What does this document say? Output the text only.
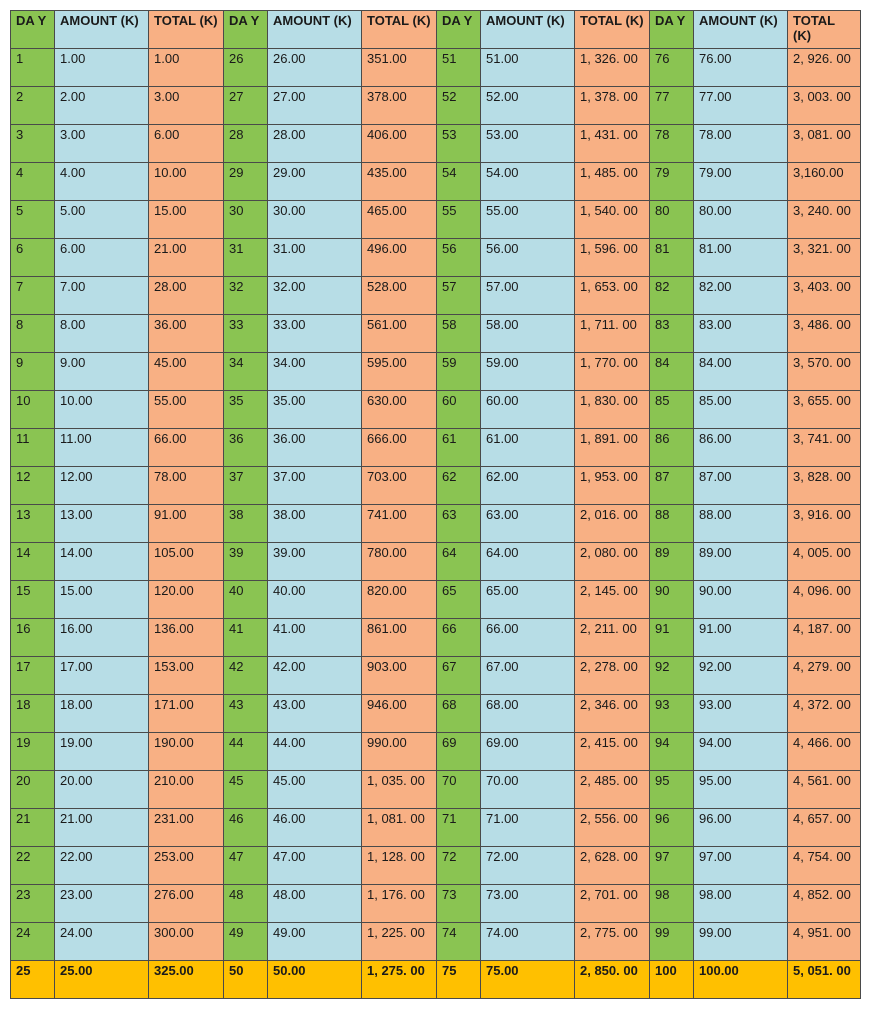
DA Y	AMOUNT (K)	TOTAL (K)	DA Y	AMOUNT (K)	TOTAL (K)	DA Y	AMOUNT (K)	TOTAL (K)	DA Y	AMOUNT (K)	TOTAL (K)
1	1.00	1.00	26	26.00	351.00	51	51.00	1, 326. 00	76	76.00	2, 926. 00
2	2.00	3.00	27	27.00	378.00	52	52.00	1, 378. 00	77	77.00	3, 003. 00
3	3.00	6.00	28	28.00	406.00	53	53.00	1, 431. 00	78	78.00	3, 081. 00
4	4.00	10.00	29	29.00	435.00	54	54.00	1, 485. 00	79	79.00	3,160.00
5	5.00	15.00	30	30.00	465.00	55	55.00	1, 540. 00	80	80.00	3, 240. 00
6	6.00	21.00	31	31.00	496.00	56	56.00	1, 596. 00	81	81.00	3, 321. 00
7	7.00	28.00	32	32.00	528.00	57	57.00	1, 653. 00	82	82.00	3, 403. 00
8	8.00	36.00	33	33.00	561.00	58	58.00	1, 711. 00	83	83.00	3, 486. 00
9	9.00	45.00	34	34.00	595.00	59	59.00	1, 770. 00	84	84.00	3, 570. 00
10	10.00	55.00	35	35.00	630.00	60	60.00	1, 830. 00	85	85.00	3, 655. 00
11	11.00	66.00	36	36.00	666.00	61	61.00	1, 891. 00	86	86.00	3, 741. 00
12	12.00	78.00	37	37.00	703.00	62	62.00	1, 953. 00	87	87.00	3, 828. 00
13	13.00	91.00	38	38.00	741.00	63	63.00	2, 016. 00	88	88.00	3, 916. 00
14	14.00	105.00	39	39.00	780.00	64	64.00	2, 080. 00	89	89.00	4, 005. 00
15	15.00	120.00	40	40.00	820.00	65	65.00	2, 145. 00	90	90.00	4, 096. 00
16	16.00	136.00	41	41.00	861.00	66	66.00	2, 211. 00	91	91.00	4, 187. 00
17	17.00	153.00	42	42.00	903.00	67	67.00	2, 278. 00	92	92.00	4, 279. 00
18	18.00	171.00	43	43.00	946.00	68	68.00	2, 346. 00	93	93.00	4, 372. 00
19	19.00	190.00	44	44.00	990.00	69	69.00	2, 415. 00	94	94.00	4, 466. 00
20	20.00	210.00	45	45.00	1, 035. 00	70	70.00	2, 485. 00	95	95.00	4, 561. 00
21	21.00	231.00	46	46.00	1, 081. 00	71	71.00	2, 556. 00	96	96.00	4, 657. 00
22	22.00	253.00	47	47.00	1, 128. 00	72	72.00	2, 628. 00	97	97.00	4, 754. 00
23	23.00	276.00	48	48.00	1, 176. 00	73	73.00	2, 701. 00	98	98.00	4, 852. 00
24	24.00	300.00	49	49.00	1, 225. 00	74	74.00	2, 775. 00	99	99.00	4, 951. 00
25	25.00	325.00	50	50.00	1, 275. 00	75	75.00	2, 850. 00	100	100.00	5, 051. 00
